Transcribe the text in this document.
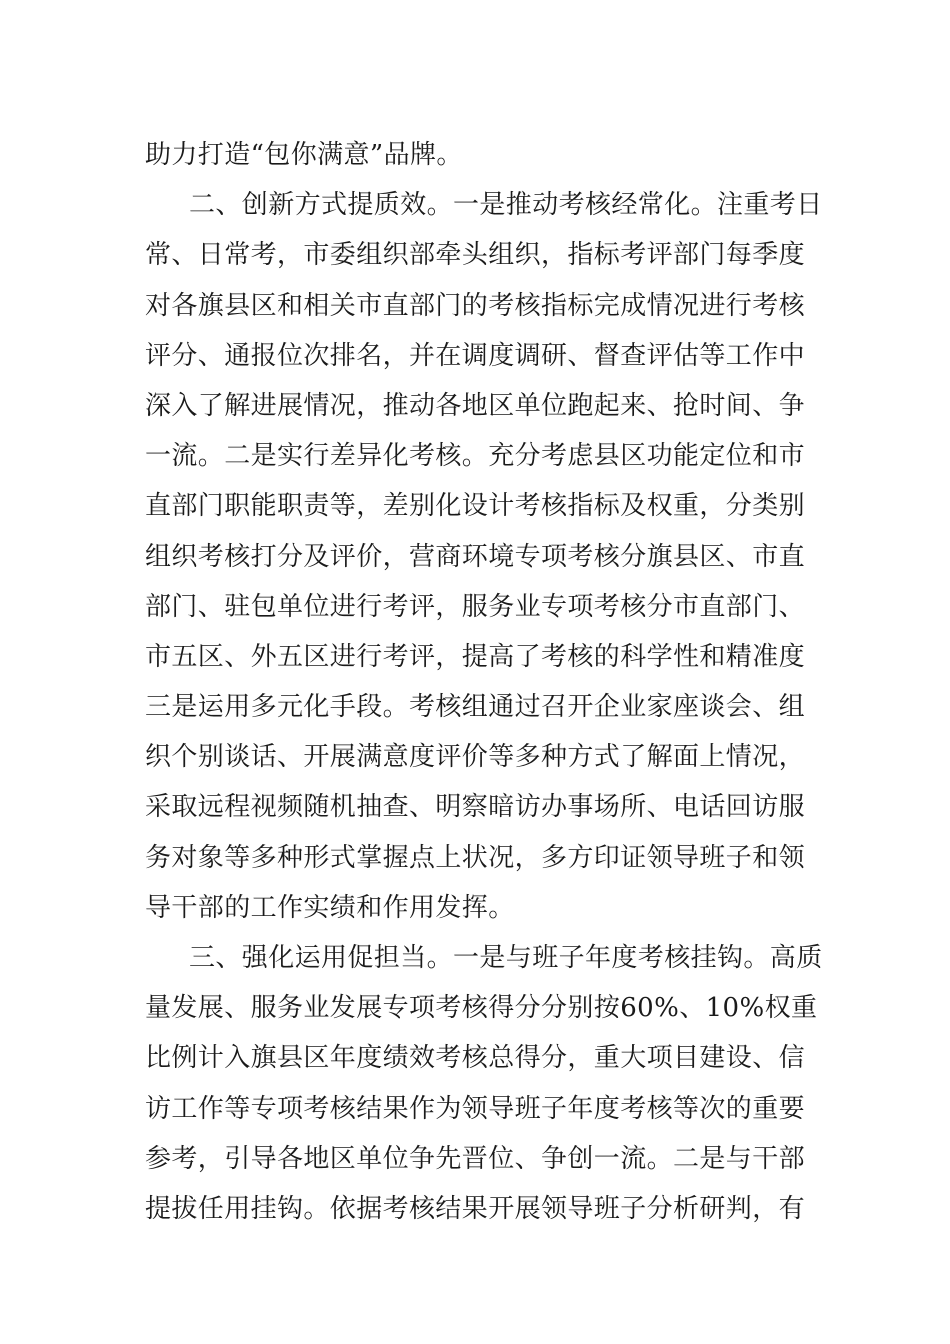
助力打造“包你满意”品牌。
二、创新方式提质效。一是推动考核经常化。注重考日
常、日常考，市委组织部牵头组织，指标考评部门每季度
对各旗县区和相关市直部门的考核指标完成情况进行考核
评分、通报位次排名，并在调度调研、督查评估等工作中
深入了解进展情况，推动各地区单位跑起来、抢时间、争
一流。二是实行差异化考核。充分考虑县区功能定位和市
直部门职能职责等，差别化设计考核指标及权重，分类别
组织考核打分及评价，营商环境专项考核分旗县区、市直
部门、驻包单位进行考评，服务业专项考核分市直部门、
市五区、外五区进行考评，提高了考核的科学性和精准度
三是运用多元化手段。考核组通过召开企业家座谈会、组
织个别谈话、开展满意度评价等多种方式了解面上情况，
采取远程视频随机抽查、明察暗访办事场所、电话回访服
务对象等多种形式掌握点上状况，多方印证领导班子和领
导干部的工作实绩和作用发挥。
三、强化运用促担当。一是与班子年度考核挂钩。高质
量发展、服务业发展专项考核得分分别按60%、10%权重
比例计入旗县区年度绩效考核总得分，重大项目建设、信
访工作等专项考核结果作为领导班子年度考核等次的重要
参考，引导各地区单位争先晋位、争创一流。二是与干部
提拔任用挂钩。依据考核结果开展领导班子分析研判，有
